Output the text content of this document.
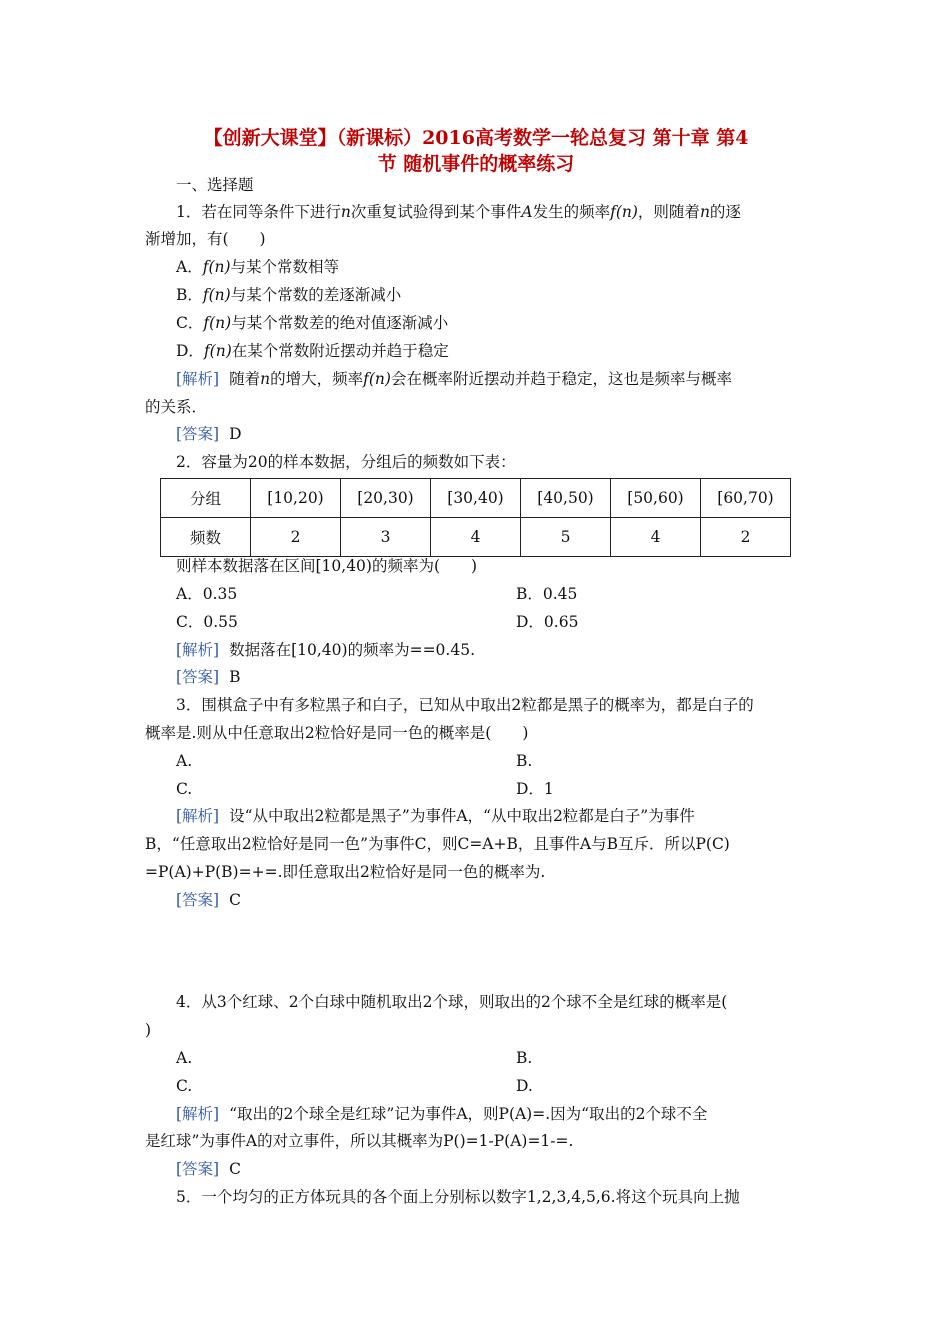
【创新大课堂】（新课标）2016高考数学一轮总复习 第十章 第4
节 随机事件的概率练习
一、选择题
1．若在同等条件下进行n次重复试验得到某个事件A发生的频率f(n)，则随着n的逐
渐增加，有(　　)
A．f(n)与某个常数相等
B．f(n)与某个常数的差逐渐减小
C．f(n)与某个常数差的绝对值逐渐减小
D．f(n)在某个常数附近摆动并趋于稳定
[解析] 随着n的增大，频率f(n)会在概率附近摆动并趋于稳定，这也是频率与概率
的关系．
[答案] D
2．容量为20的样本数据，分组后的频数如下表：
分组	[10,20)	[20,30)	[30,40)	[40,50)	[50,60)	[60,70)
频数	2	3	4	5	4	2
则样本数据落在区间[10,40)的频率为(　　)
A．0.35	B．0.45
C．0.55	D．0.65
[解析] 数据落在[10,40)的频率为==0.45.
[答案] B
3．围棋盒子中有多粒黑子和白子，已知从中取出2粒都是黑子的概率为，都是白子的
概率是.则从中任意取出2粒恰好是同一色的概率是(　　)
A.	B.
C.	D．1
[解析] 设“从中取出2粒都是黑子”为事件A，“从中取出2粒都是白子”为事件
B，“任意取出2粒恰好是同一色”为事件C，则C=A+B，且事件A与B互斥．所以P(C)
=P(A)+P(B)=+=.即任意取出2粒恰好是同一色的概率为.
[答案] C
4．从3个红球、2个白球中随机取出2个球，则取出的2个球不全是红球的概率是(
)
A.	B.
C.	D.
[解析] “取出的2个球全是红球”记为事件A，则P(A)=.因为“取出的2个球不全
是红球”为事件A的对立事件，所以其概率为P()=1-P(A)=1-=.
[答案] C
5．一个均匀的正方体玩具的各个面上分别标以数字1,2,3,4,5,6.将这个玩具向上抛
